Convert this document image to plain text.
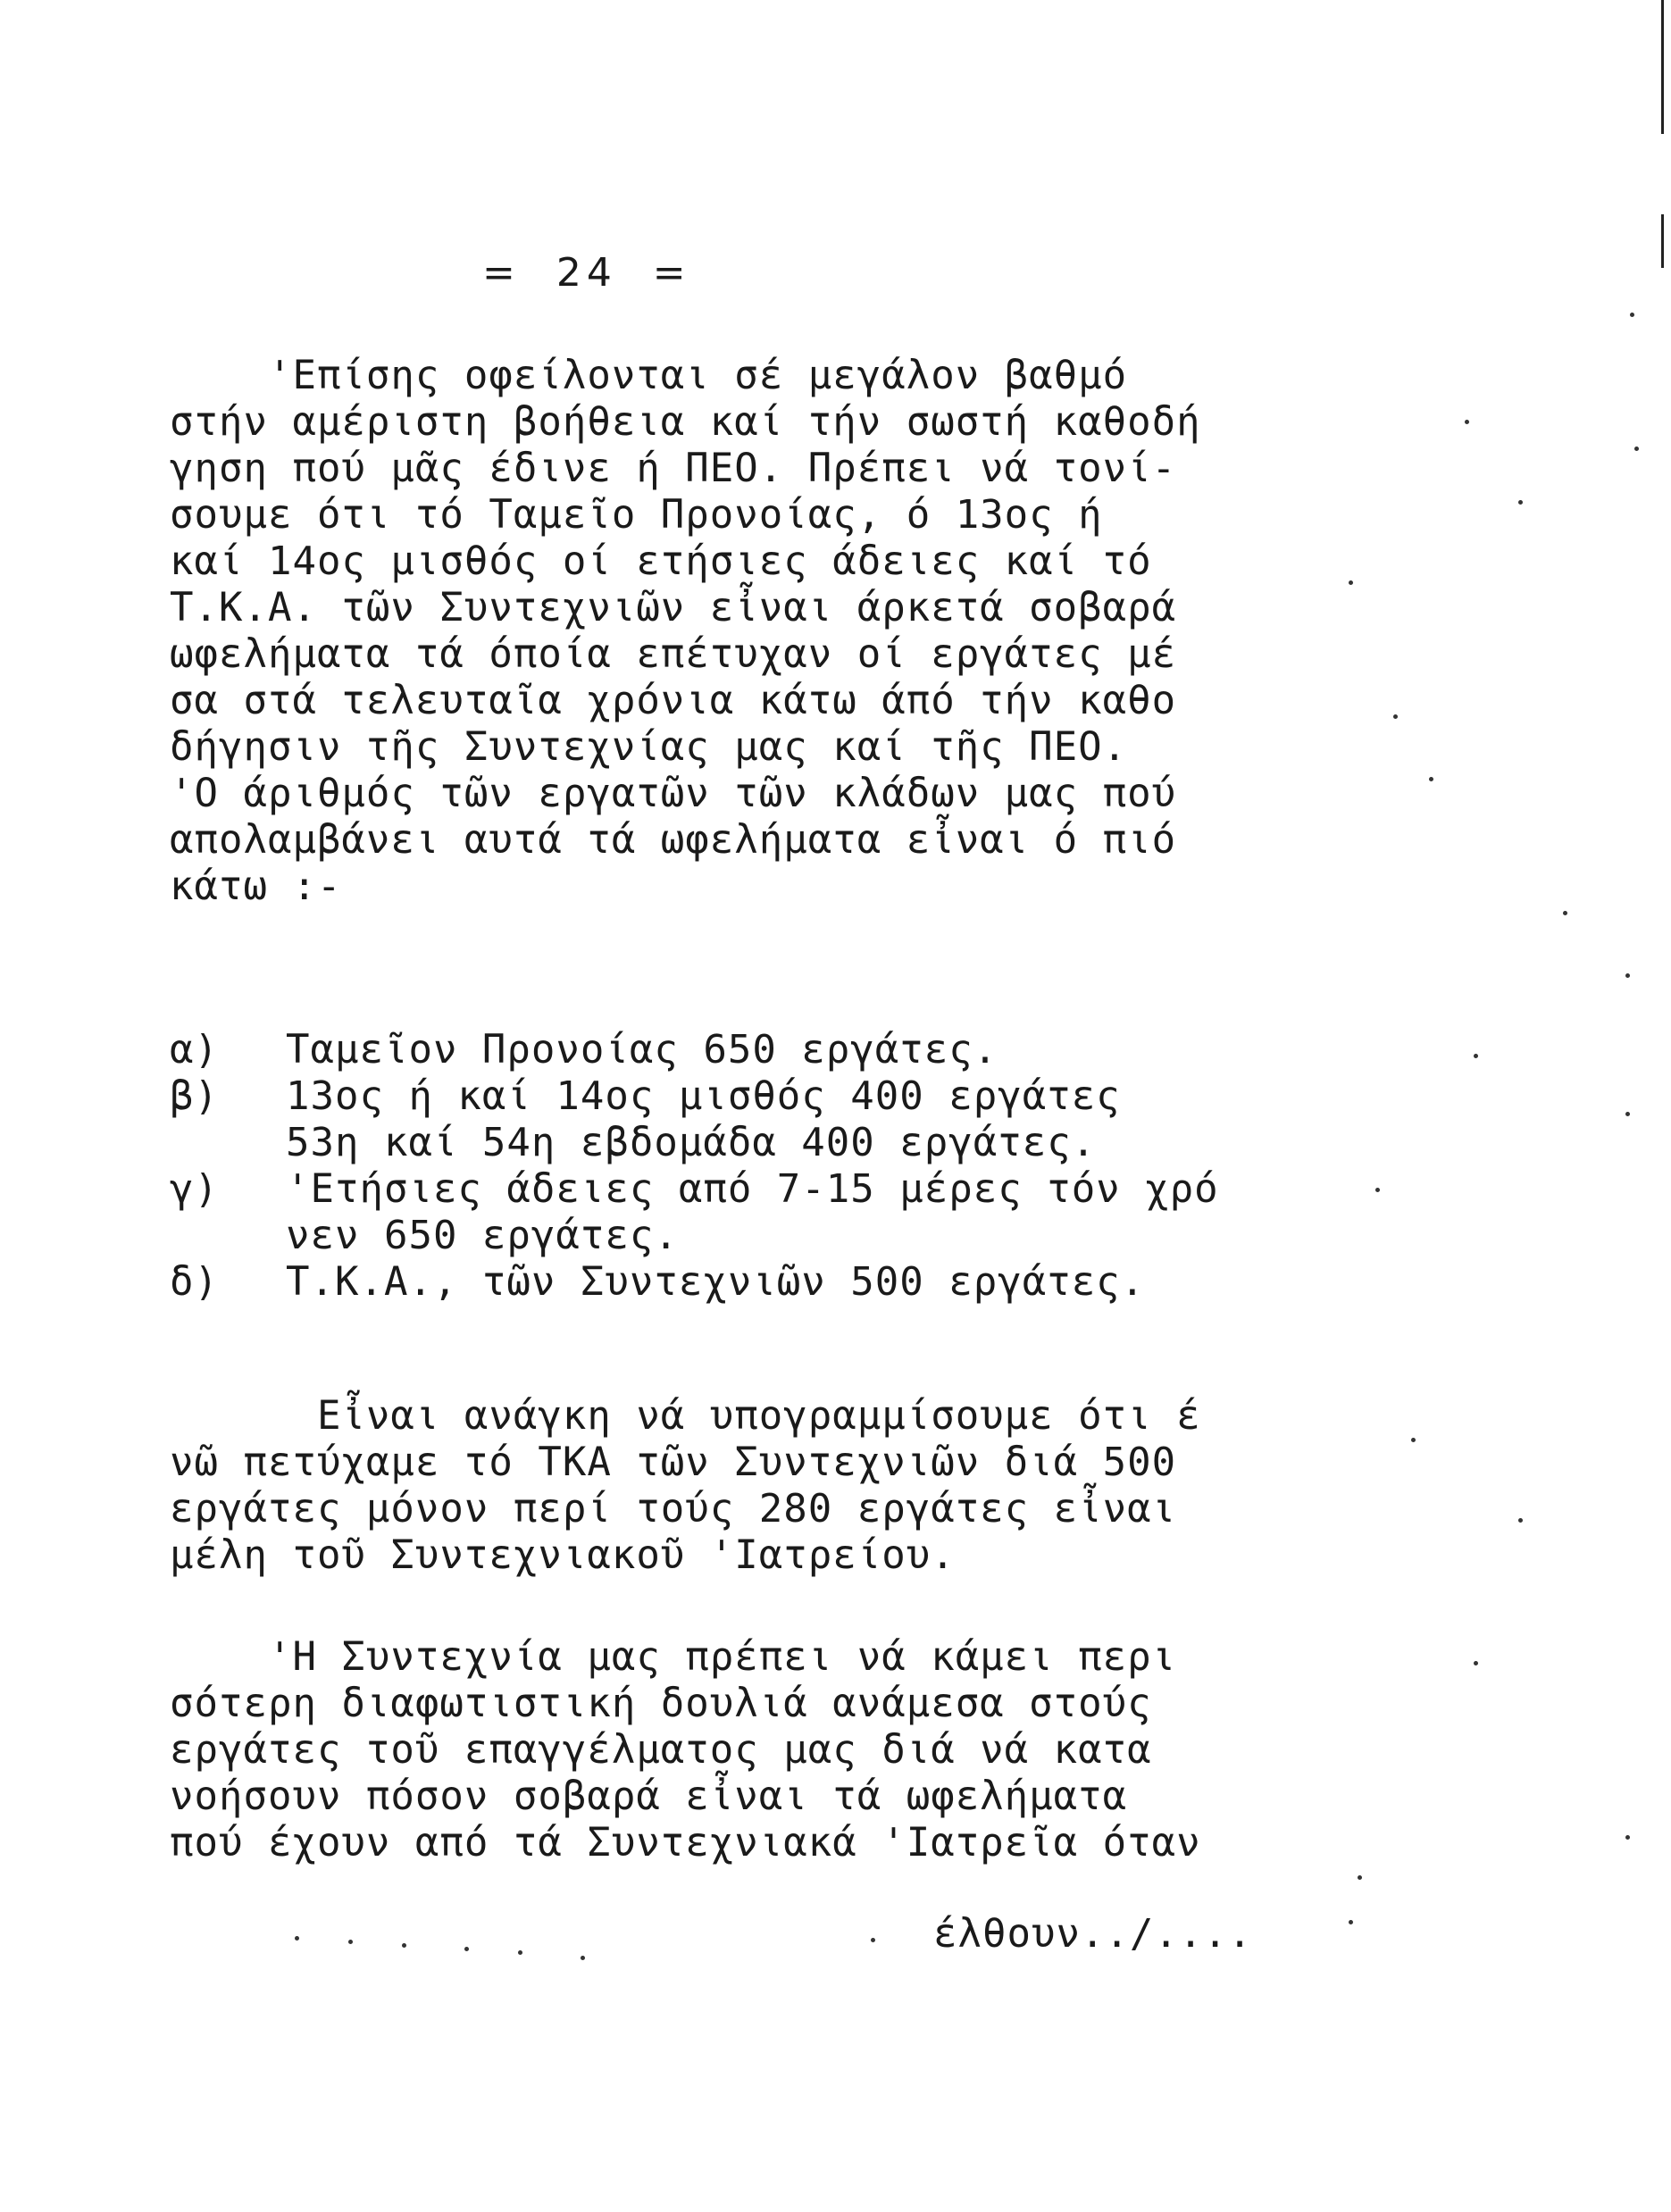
=  24  =
'Επίσης οφείλονται σέ μεγάλον βαθμό
στήν αμέριστη βοήθεια καί τήν σωστή καθοδή
γηση πού μᾶς έδινε ή ΠΕΟ. Πρέπει νά τονί-
σουμε ότι τό Ταμεῖο Προνοίας, ό 13ος ή
καί 14ος μισθός οί ετήσιες άδειες καί τό
Τ.Κ.Α. τῶν Συντεχνιῶν εἶναι άρκετά σοβαρά
ωφελήματα τά όποία επέτυχαν οί εργάτες μέ
σα στά τελευταῖα χρόνια κάτω άπό τήν καθο
δήγησιν τῆς Συντεχνίας μας καί τῆς ΠΕΟ.
'Ο άριθμός τῶν εργατῶν τῶν κλάδων μας πού
απολαμβάνει αυτά τά ωφελήματα εἶναι ό πιό
κάτω :-
α)	Ταμεῖον Προνοίας 650 εργάτες.
β)	13ος ή καί 14ος μισθός 400 εργάτες
53η καί 54η εβδομάδα 400 εργάτες.
γ)	'Ετήσιες άδειες από 7-15 μέρες τόν χρό
νεν 650 εργάτες.
δ)	Τ.Κ.Α., τῶν Συντεχνιῶν 500 εργάτες.
Εἶναι ανάγκη νά υπογραμμίσουμε ότι έ
νῶ πετύχαμε τό ΤΚΑ τῶν Συντεχνιῶν διά 500
εργάτες μόνον περί τούς 280 εργάτες εἶναι
μέλη τοῦ Συντεχνιακοῦ 'Ιατρείου.
'Η Συντεχνία μας πρέπει νά κάμει περι
σότερη διαφωτιστική δουλιά ανάμεσα στούς
εργάτες τοῦ επαγγέλματος μας διά νά κατα
νοήσουν πόσον σοβαρά εἶναι τά ωφελήματα
πού έχουν από τά Συντεχνιακά 'Ιατρεῖα όταν
έλθουν../....
